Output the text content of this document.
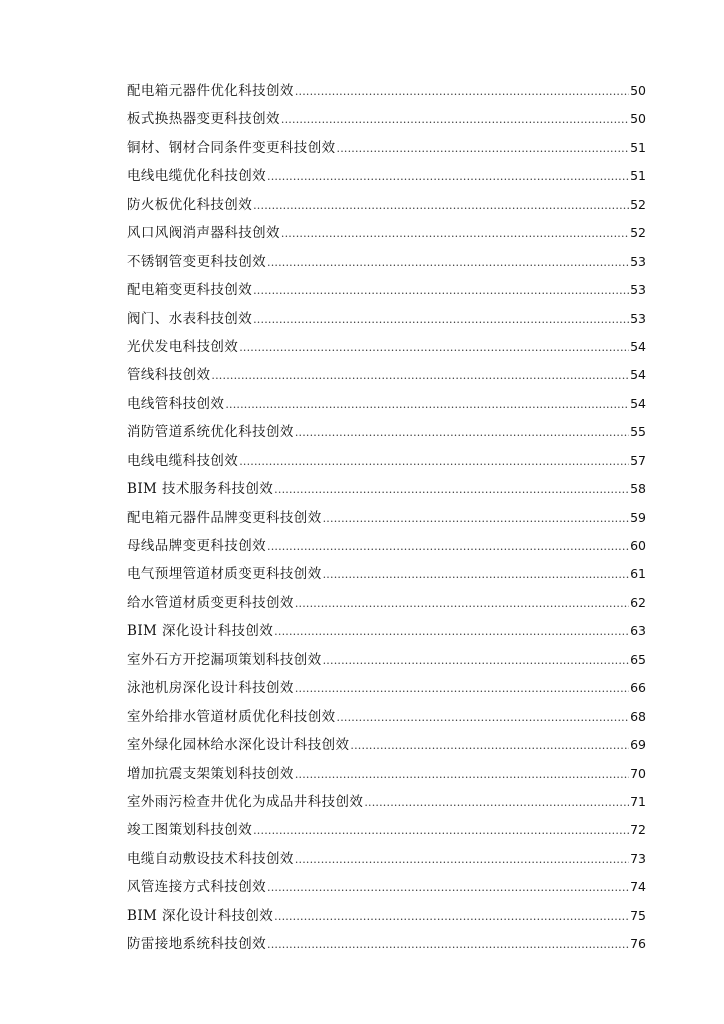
配电箱元器件优化科技创效 .....	50
板式换热器变更科技创效 .....	50
铜材、钢材合同条件变更科技创效 .....	51
电线电缆优化科技创效 .....	51
防火板优化科技创效 .....	52
风口风阀消声器科技创效 .....	52
不锈钢管变更科技创效 .....	53
配电箱变更科技创效 .....	53
阀门、水表科技创效 .....	53
光伏发电科技创效 .....	54
管线科技创效 .....	54
电线管科技创效 .....	54
消防管道系统优化科技创效 .....	55
电线电缆科技创效 .....	57
BIM 技术服务科技创效 .....	58
配电箱元器件品牌变更科技创效 .....	59
母线品牌变更科技创效 .....	60
电气预埋管道材质变更科技创效 .....	61
给水管道材质变更科技创效 .....	62
BIM 深化设计科技创效 .....	63
室外石方开挖漏项策划科技创效 .....	65
泳池机房深化设计科技创效 .....	66
室外给排水管道材质优化科技创效 .....	68
室外绿化园林给水深化设计科技创效 .....	69
增加抗震支架策划科技创效 .....	70
室外雨污检查井优化为成品井科技创效 .....	71
竣工图策划科技创效 .....	72
电缆自动敷设技术科技创效 .....	73
风管连接方式科技创效 .....	74
BIM 深化设计科技创效 .....	75
防雷接地系统科技创效 .....	76
